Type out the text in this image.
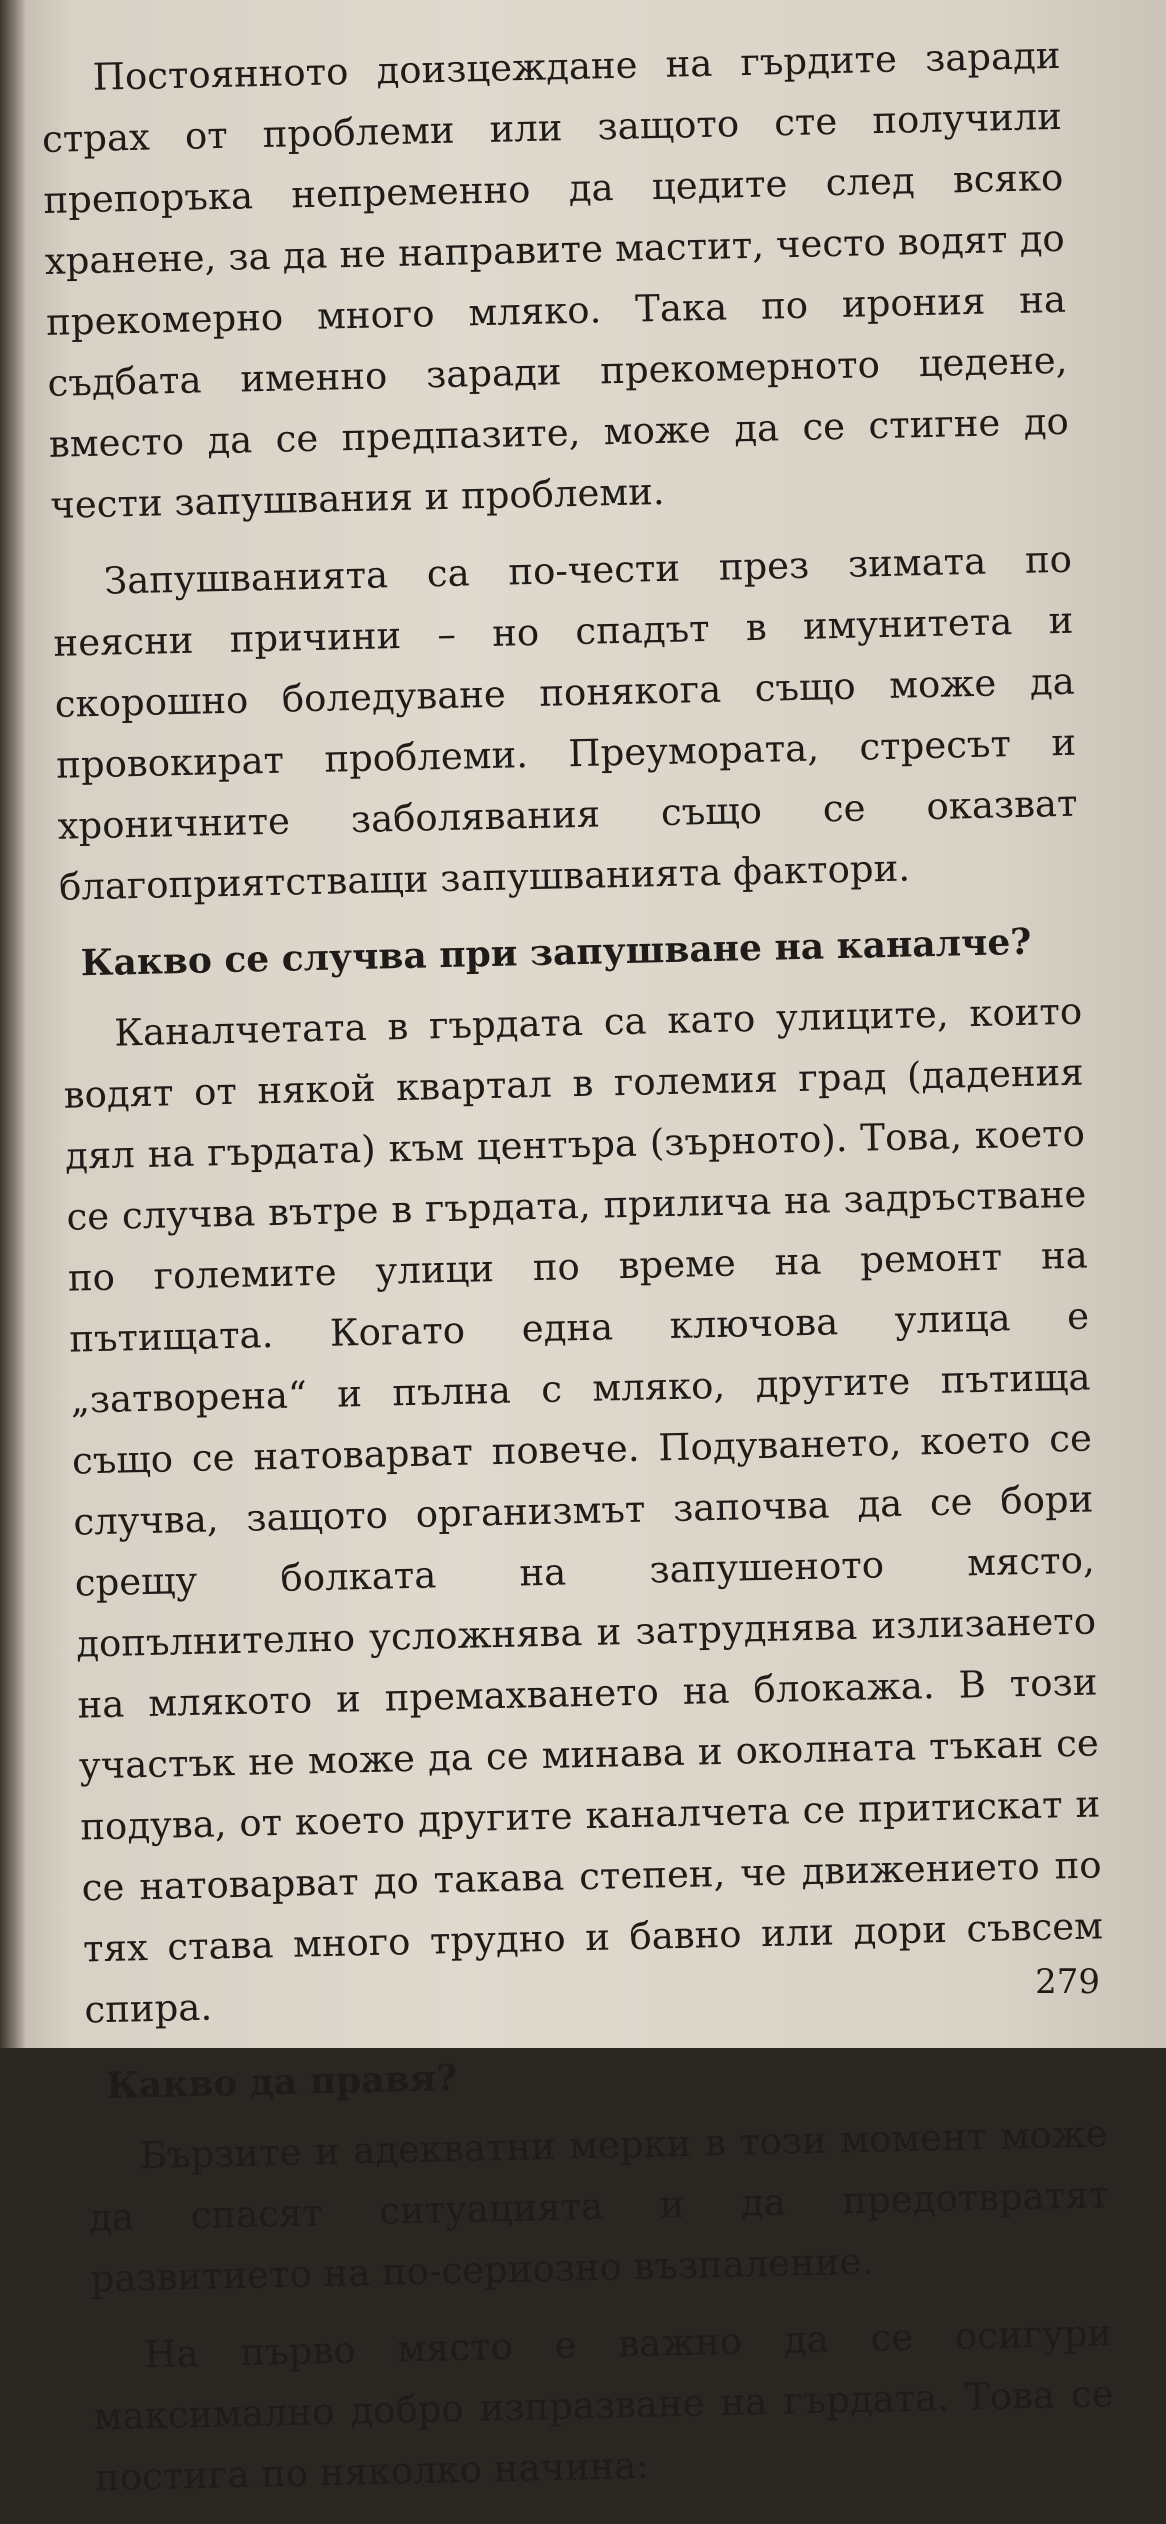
Постоянното доизцеждане на гърдите заради страх от проблеми или защото сте получили препоръка непременно да цедите след всяко хранене, за да не направите мастит, често водят до прекомерно много мляко. Така по ирония на съдбата именно заради прекомерното цедене, вместо да се предпазите, може да се стигне до чести запушвания и проблеми.

Запушванията са по-чести през зимата по неясни причини – но спадът в имунитета и скорошно боледуване понякога също може да провокират проблеми. Преумората, стресът и хроничните заболявания също се оказват благоприятстващи запушванията фактори.

Какво се случва при запушване на каналче?

Каналчетата в гърдата са като улиците, които водят от някой квартал в големия град (дадения дял на гърдата) към центъра (зърното). Това, което се случва вътре в гърдата, прилича на задръстване по големите улици по време на ремонт на пътищата. Когато една ключова улица е „затворена“ и пълна с мляко, другите пътища също се натоварват повече. Подуването, което се случва, защото организмът започва да се бори срещу болката на запушеното място, допълнително усложнява и затруднява излизането на млякото и премахването на блокажа. В този участък не може да се минава и околната тъкан се подува, от което другите каналчета се притискат и се натоварват до такава степен, че движението по тях става много трудно и бавно или дори съвсем спира.

Какво да правя?

Бързите и адекватни мерки в този момент може да спасят ситуацията и да предотвратят развитието на по-сериозно възпаление.

На първо място е важно да се осигури максимално добро изпразване на гърдата. Това се постига по няколко начина:

279
